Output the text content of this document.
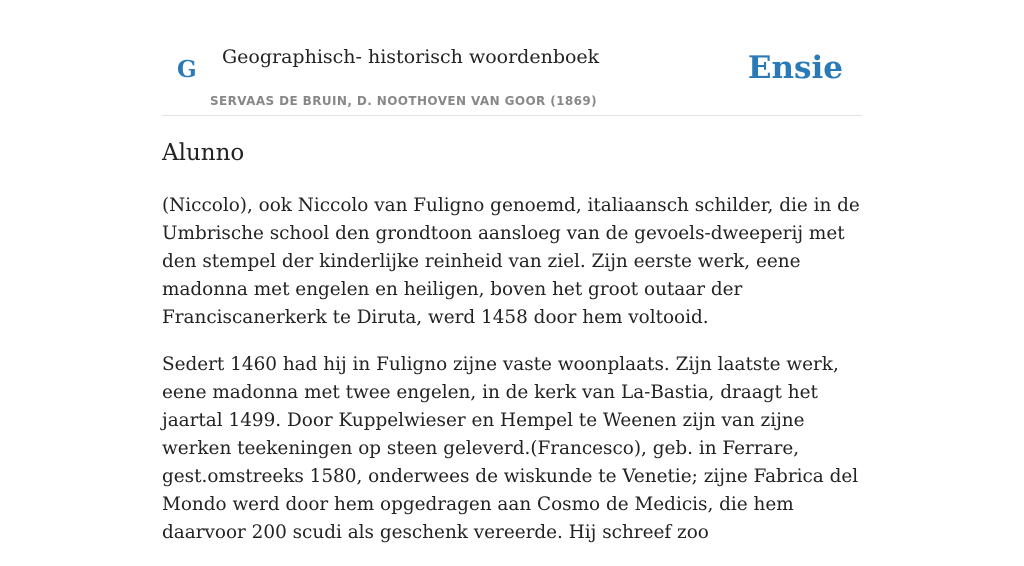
G Geographisch- historisch woordenboek
SERVAAS DE BRUIN, D. NOOTHOVEN VAN GOOR (1869)
Ensie
Alunno

(Niccolo), ook Niccolo van Fuligno genoemd, italiaansch schilder, die in de Umbrische school den grondtoon aansloeg van de gevoels-dweeperij met den stempel der kinderlijke reinheid van ziel. Zijn eerste werk, eene madonna met engelen en heiligen, boven het groot outaar der Franciscanerkerk te Diruta, werd 1458 door hem voltooid.

Sedert 1460 had hij in Fuligno zijne vaste woonplaats. Zijn laatste werk, eene madonna met twee engelen, in de kerk van La-Bastia, draagt het jaartal 1499. Door Kuppelwieser en Hempel te Weenen zijn van zijne werken teekeningen op steen geleverd.(Francesco), geb. in Ferrare, gest.omstreeks 1580, onderwees de wiskunde te Venetie; zijne Fabrica del Mondo werd door hem opgedragen aan Cosmo de Medicis, die hem daarvoor 200 scudi als geschenk vereerde. Hij schreef zoo
